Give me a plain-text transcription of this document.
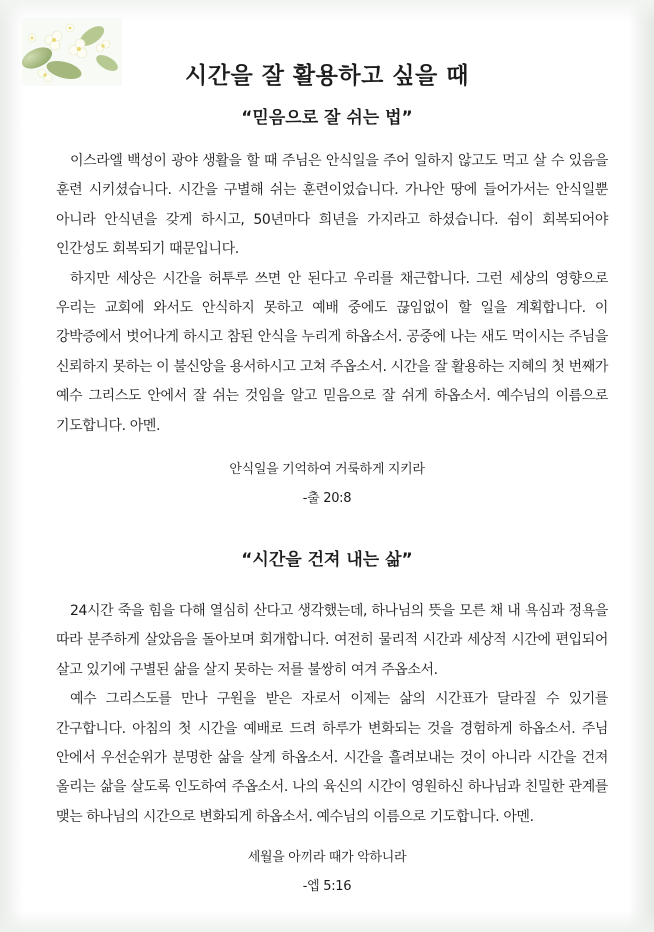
시간을 잘 활용하고 싶을 때
“믿음으로 잘 쉬는 법”

이스라엘 백성이 광야 생활을 할 때 주님은 안식일을 주어 일하지 않고도 먹고 살 수 있음을 훈련 시키셨습니다. 시간을 구별해 쉬는 훈련이었습니다. 가나안 땅에 들어가서는 안식일뿐 아니라 안식년을 갖게 하시고, 50년마다 희년을 가지라고 하셨습니다. 쉼이 회복되어야 인간성도 회복되기 때문입니다.

하지만 세상은 시간을 허투루 쓰면 안 된다고 우리를 채근합니다. 그런 세상의 영향으로 우리는 교회에 와서도 안식하지 못하고 예배 중에도 끊임없이 할 일을 계획합니다. 이 강박증에서 벗어나게 하시고 참된 안식을 누리게 하옵소서. 공중에 나는 새도 먹이시는 주님을 신뢰하지 못하는 이 불신앙을 용서하시고 고쳐 주옵소서. 시간을 잘 활용하는 지혜의 첫 번째가 예수 그리스도 안에서 잘 쉬는 것임을 알고 믿음으로 잘 쉬게 하옵소서. 예수님의 이름으로 기도합니다. 아멘.

안식일을 기억하여 거룩하게 지키라
-출 20:8
“시간을 건져 내는 삶”

24시간 죽을 힘을 다해 열심히 산다고 생각했는데, 하나님의 뜻을 모른 채 내 욕심과 정욕을 따라 분주하게 살았음을 돌아보며 회개합니다. 여전히 물리적 시간과 세상적 시간에 편입되어 살고 있기에 구별된 삶을 살지 못하는 저를 불쌍히 여겨 주옵소서.

예수 그리스도를 만나 구원을 받은 자로서 이제는 삶의 시간표가 달라질 수 있기를 간구합니다. 아침의 첫 시간을 예배로 드려 하루가 변화되는 것을 경험하게 하옵소서. 주님 안에서 우선순위가 분명한 삶을 살게 하옵소서. 시간을 흘려보내는 것이 아니라 시간을 건져 올리는 삶을 살도록 인도하여 주옵소서. 나의 육신의 시간이 영원하신 하나님과 친밀한 관계를 맺는 하나님의 시간으로 변화되게 하옵소서. 예수님의 이름으로 기도합니다. 아멘.

세월을 아끼라 때가 악하니라
-엡 5:16
